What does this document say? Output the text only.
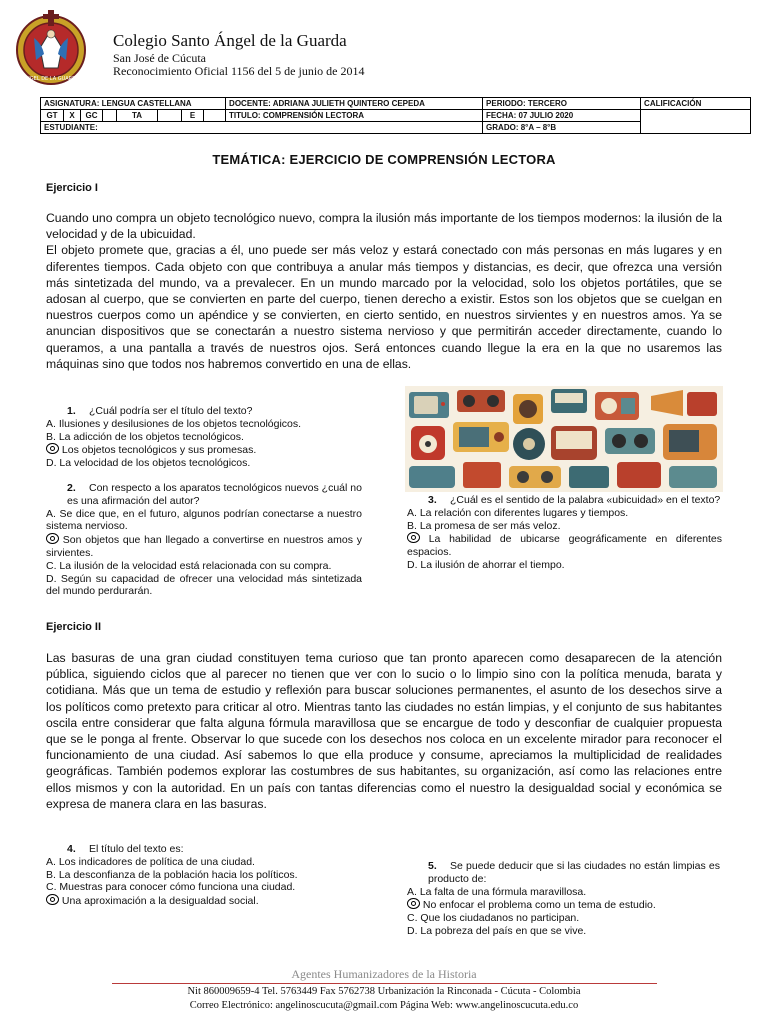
ÁNGEL DE LA GUARDA
Colegio Santo Ángel de la Guarda
San José de Cúcuta
Reconocimiento Oficial 1156 del 5 de junio de 2014
ASIGNATURA: LENGUA CASTELLANA								DOCENTE: ADRIANA JULIETH QUINTERO CEPEDA	PERIODO: TERCERO	CALIFICACIÓN
GT	X	GC		TA		E		TITULO: COMPRENSIÓN LECTORA	FECHA: 07 JULIO 2020	
ESTUDIANTE:									GRADO: 8°A – 8°B	
TEMÁTICA: EJERCICIO DE COMPRENSIÓN LECTORA
Ejercicio I
Cuando uno compra un objeto tecnológico nuevo, compra la ilusión más importante de los tiempos modernos: la ilusión de la velocidad y de la ubicuidad.
El objeto promete que, gracias a él, uno puede ser más veloz y estará conectado con más personas en más lugares y en diferentes tiempos. Cada objeto con que contribuya a anular más tiempos y distancias, es decir, que ofrezca una versión más sintetizada del mundo, va a prevalecer. En un mundo marcado por la velocidad, solo los objetos portátiles, que se adosan al cuerpo, que se convierten en parte del cuerpo, tienen derecho a existir. Estos son los objetos que se cuelgan en nuestros cuerpos como un apéndice y se convierten, en cierto sentido, en nuestros sirvientes y en nuestros amos. Ya se anuncian dispositivos que se conectarán a nuestro sistema nervioso y que permitirán acceder directamente, cuando lo queramos, a una pantalla a través de nuestros ojos. Será entonces cuando llegue la era en la que no usaremos las máquinas sino que todos nos habremos convertido en una de ellas.

1. ¿Cuál podría ser el título del texto?

A. Ilusiones y desilusiones de los objetos tecnológicos.

B. La adicción de los objetos tecnológicos.

Los objetos tecnológicos y sus promesas.

D. La velocidad de los objetos tecnológicos.

2. Con respecto a los aparatos tecnológicos nuevos ¿cuál no es una afirmación del autor?

A. Se dice que, en el futuro, algunos podrían conectarse a nuestro sistema nervioso.

Son objetos que han llegado a convertirse en nuestros amos y sirvientes.

C. La ilusión de la velocidad está relacionada con su compra.

D. Según su capacidad de ofrecer una velocidad más sintetizada del mundo perdurarán.

3. ¿Cuál es el sentido de la palabra «ubicuidad» en el texto?

A. La relación con diferentes lugares y tiempos.

B. La promesa de ser más veloz.

La habilidad de ubicarse geográficamente en diferentes espacios.

D. La ilusión de ahorrar el tiempo.

Ejercicio II
Las basuras de una gran ciudad constituyen tema curioso que tan pronto aparecen como desaparecen de la atención pública, siguiendo ciclos que al parecer no tienen que ver con lo sucio o lo limpio sino con la política menuda, barata y cotidiana. Más que un tema de estudio y reflexión para buscar soluciones permanentes, el asunto de los desechos sirve a los políticos como pretexto para criticar al otro. Mientras tanto las ciudades no están limpias, y el conjunto de sus habitantes oscila entre considerar que falta alguna fórmula maravillosa que se encargue de todo y desconfiar de cualquier propuesta que se le ponga al frente. Observar lo que sucede con los desechos nos coloca en un excelente mirador para reconocer el funcionamiento de una ciudad. Así sabemos lo que ella produce y consume, apreciamos la multiplicidad de realidades geográficas. También podemos explorar las costumbres de sus habitantes, su organización, así como las relaciones entre ellos mismos y con la autoridad. En un país con tantas diferencias como el nuestro la desigualdad social y económica se expresa de manera clara en las basuras.

4. El título del texto es:

A. Los indicadores de política de una ciudad.

B. La desconfianza de la población hacia los políticos.

C. Muestras para conocer cómo funciona una ciudad.

Una aproximación a la desigualdad social.

5. Se puede deducir que si las ciudades no están limpias es producto de:

A. La falta de una fórmula maravillosa.

No enfocar el problema como un tema de estudio.

C. Que los ciudadanos no participan.

D. La pobreza del país en que se vive.

Agentes Humanizadores de la Historia
Nit 860009659-4 Tel. 5763449 Fax 5762738 Urbanización la Rinconada - Cúcuta - Colombia
Correo Electrónico: angelinoscucuta@gmail.com Página Web: www.angelinoscucuta.edu.co
